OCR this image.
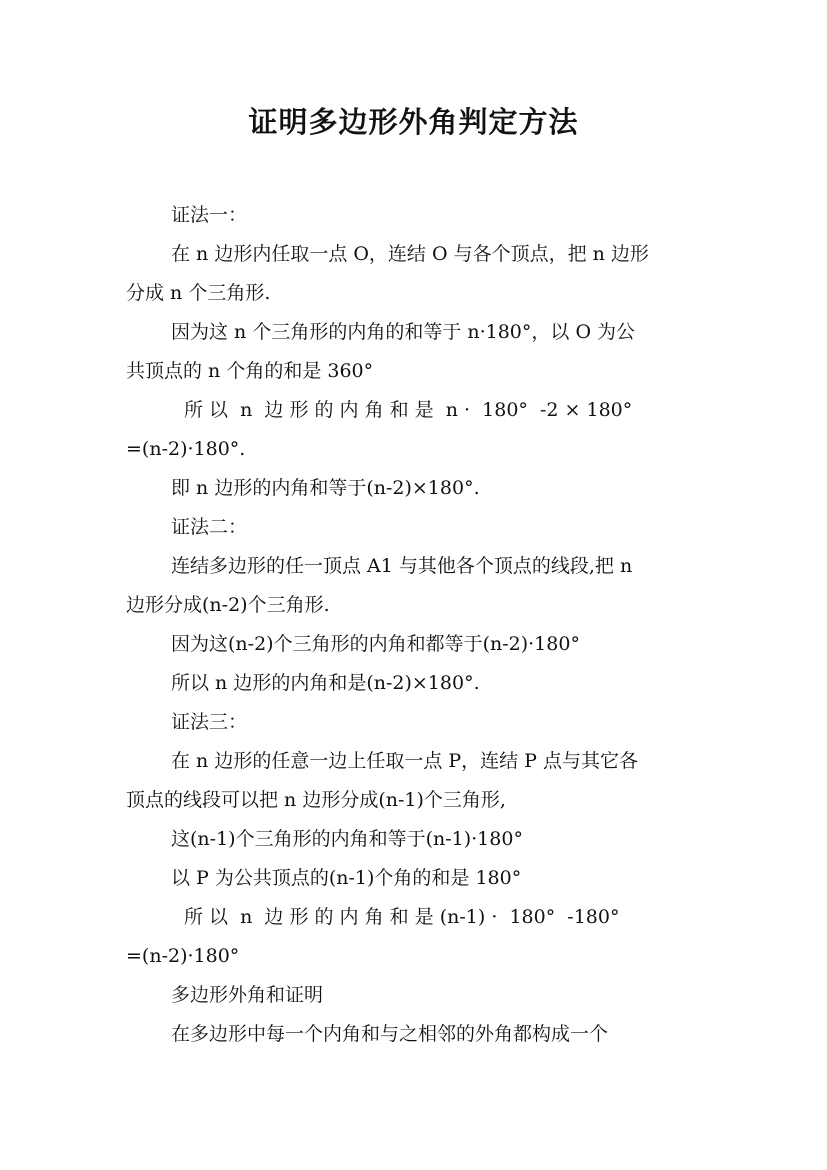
证明多边形外角判定方法
证法一：
在 n 边形内任取一点 O，连结 O 与各个顶点，把 n 边形
分成 n 个三角形.
因为这 n 个三角形的内角的和等于 n·180°，以 O 为公
共顶点的 n 个角的和是 360°
所 以  n  边 形 的 内 角 和 是  n ·  180°  -2 × 180°
=(n-2)·180°.
即 n 边形的内角和等于(n-2)×180°.
证法二：
连结多边形的任一顶点 A1 与其他各个顶点的线段,把 n
边形分成(n-2)个三角形.
因为这(n-2)个三角形的内角和都等于(n-2)·180°
所以 n 边形的内角和是(n-2)×180°.
证法三：
在 n 边形的任意一边上任取一点 P，连结 P 点与其它各
顶点的线段可以把 n 边形分成(n-1)个三角形,
这(n-1)个三角形的内角和等于(n-1)·180°
以 P 为公共顶点的(n-1)个角的和是 180°
所 以  n  边 形 的 内 角 和 是 (n-1) ·  180°  -180°
=(n-2)·180°
多边形外角和证明
在多边形中每一个内角和与之相邻的外角都构成一个
